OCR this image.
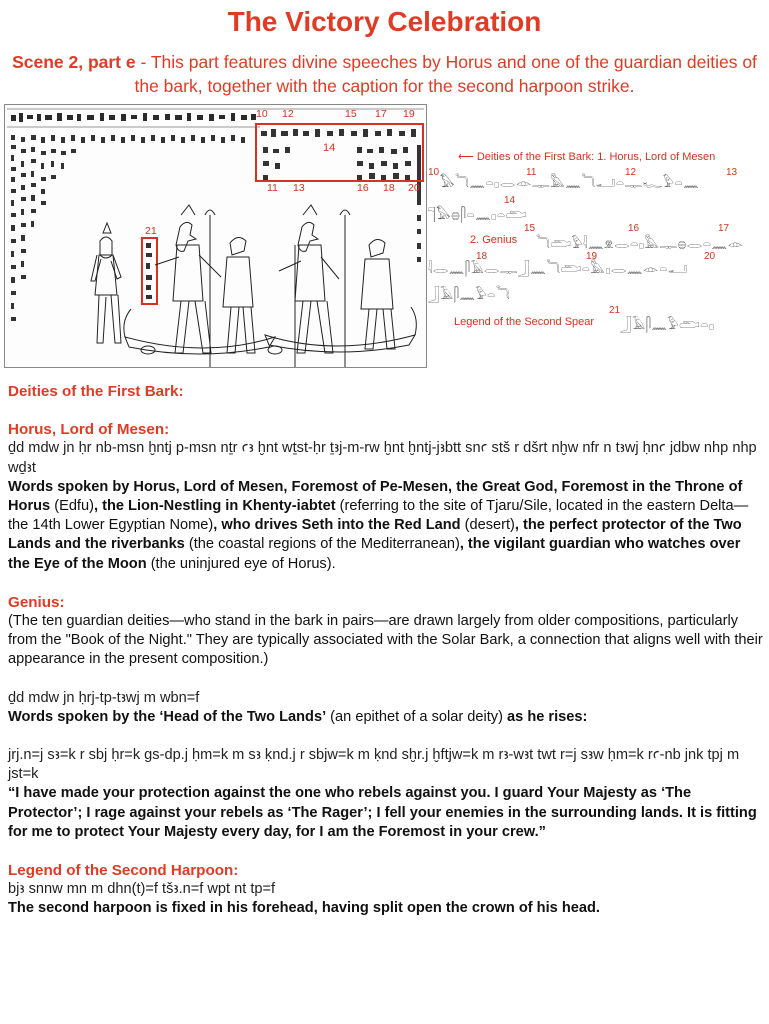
The Victory Celebration
Scene 2, part e - This part features divine speeches by Horus and one of the guardian deities of the bark, together with the caption for the second harpoon strike.
10 12	15 17 19
11 13	16 18 20
14
21
⟵ Deities of the First Bark: 1. Horus, Lord of Mesen
10
𓅃𓆓𓈖𓏏𓊪𓂋𓁹𓊃𓅓𓈖𓆓𓂝𓏏𓊃𓆑𓅱𓏏𓈖
11	12	13
𓊹𓅃𓐍𓋴𓏏𓈖𓊪𓏏𓂧
14
2. Genius
15
𓆓𓂧𓅱𓇋𓈖𓁷𓂋𓏏𓊪𓅓𓊃𓐍𓂋𓏏𓈖𓁹
16	17
𓇋𓂋𓈖𓋴𓄿𓂋𓊃𓃀𓈖𓆓𓂧𓏏𓅓𓊪𓂋𓈖𓁹𓏏𓂝
18	19	20
𓃀𓄿𓋴𓈖𓅱𓏏𓆓
Legend of the Second Spear
21
𓃀𓄿𓋴𓈖𓅱𓂧𓏏𓊪

Deities of the First Bark:

Horus, Lord of Mesen:

ḏd mdw jn ḥr nb-msn ḫntj p-msn nṯr ꜥꜣ ḫnt wṯst-ḥr ṯꜣj-m-rw ḫnt ḫntj-jꜣbtt snꜥ stš r dšrt nḫw nfr n tꜣwj ḥnꜥ jdbw nhp nhp wḏꜣt

Words spoken by Horus, Lord of Mesen, Foremost of Pe-Mesen, the Great God, Foremost in the Throne of Horus (Edfu), the Lion-Nestling in Khenty-iabtet (referring to the site of Tjaru/Sile, located in the eastern Delta—the 14th Lower Egyptian Nome), who drives Seth into the Red Land (desert), the perfect protector of the Two Lands and the riverbanks (the coastal regions of the Mediterranean), the vigilant guardian who watches over the Eye of the Moon (the uninjured eye of Horus).

Genius:

(The ten guardian deities—who stand in the bark in pairs—are drawn largely from older compositions, particularly from the "Book of the Night." They are typically associated with the Solar Bark, a connection that aligns well with their appearance in the present composition.)

ḏd mdw jn ḥrj-tp-tꜣwj m wbn=f

Words spoken by the ‘Head of the Two Lands’ (an epithet of a solar deity) as he rises:

jrj.n=j sꜣ=k r sbj ḥr=k gs-dp.j ḥm=k m sꜣ ḳnd.j r sbjw=k m ḳnd sḫr.j ḫftjw=k m rꜣ-wꜣt twt r=j sꜣw ḥm=k rꜥ-nb jnk tpj m jst=k

“I have made your protection against the one who rebels against you. I guard Your Majesty as ‘The Protector’; I rage against your rebels as ‘The Rager’; I fell your enemies in the surrounding lands. It is fitting for me to protect Your Majesty every day, for I am the Foremost in your crew.”

Legend of the Second Harpoon:

bjꜣ snnw mn m dhn(t)=f tšꜣ.n=f wpt nt tp=f

The second harpoon is fixed in his forehead, having split open the crown of his head.
